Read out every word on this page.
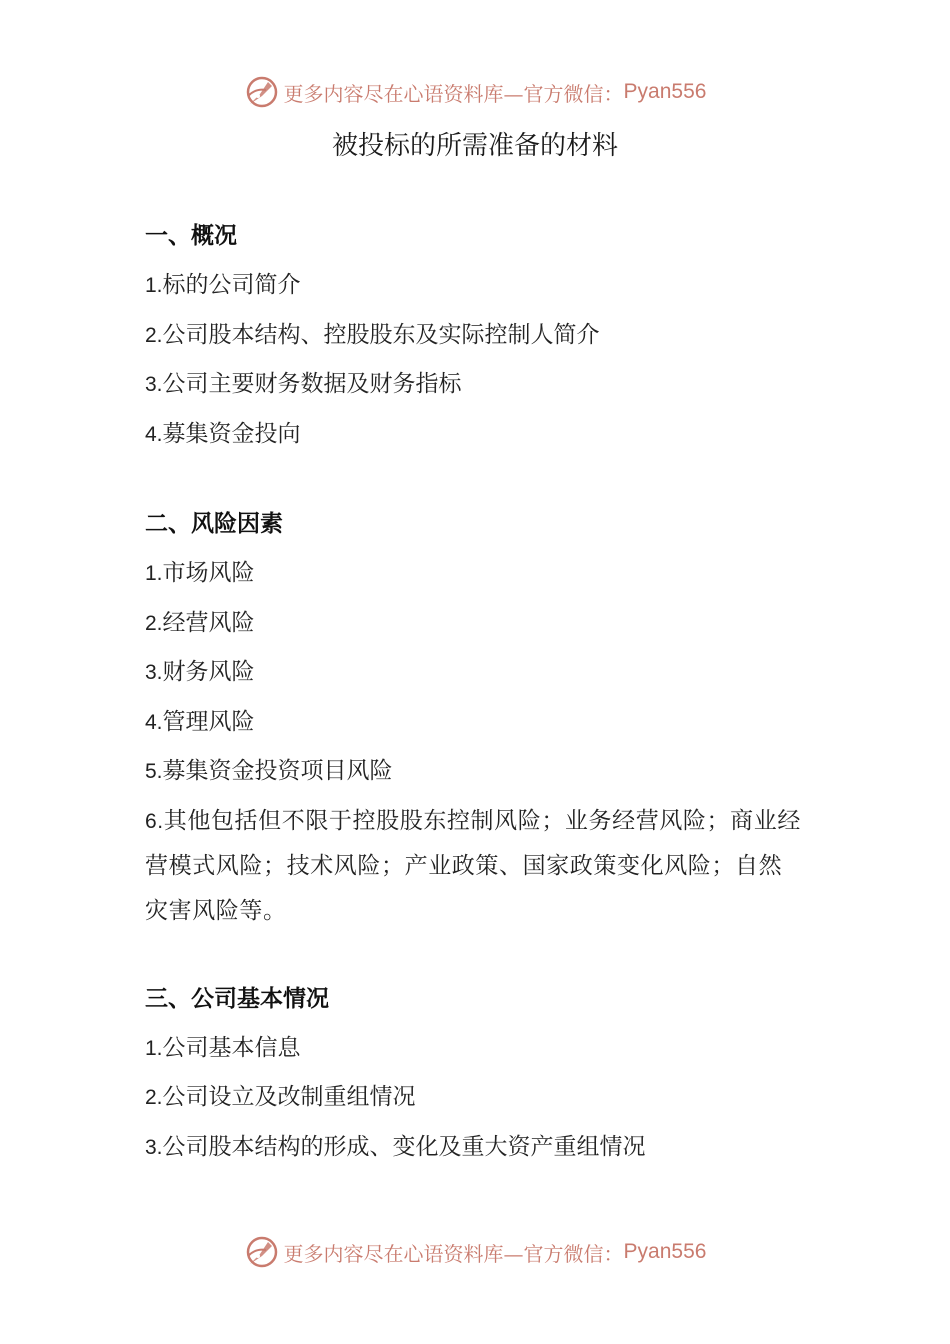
更多内容尽在心语资料库—官方微信： Pyan556
被投标的所需准备的材料
一、概况
1.标的公司简介
2.公司股本结构、控股股东及实际控制人简介
3.公司主要财务数据及财务指标
4.募集资金投向
二、风险因素
1.市场风险
2.经营风险
3.财务风险
4.管理风险
5.募集资金投资项目风险
6.其他包括但不限于控股股东控制风险；业务经营风险；商业经营模式风险；技术风险；产业政策、国家政策变化风险；自然灾害风险等。
三、公司基本情况
1.公司基本信息
2.公司设立及改制重组情况
3.公司股本结构的形成、变化及重大资产重组情况
更多内容尽在心语资料库—官方微信： Pyan556
